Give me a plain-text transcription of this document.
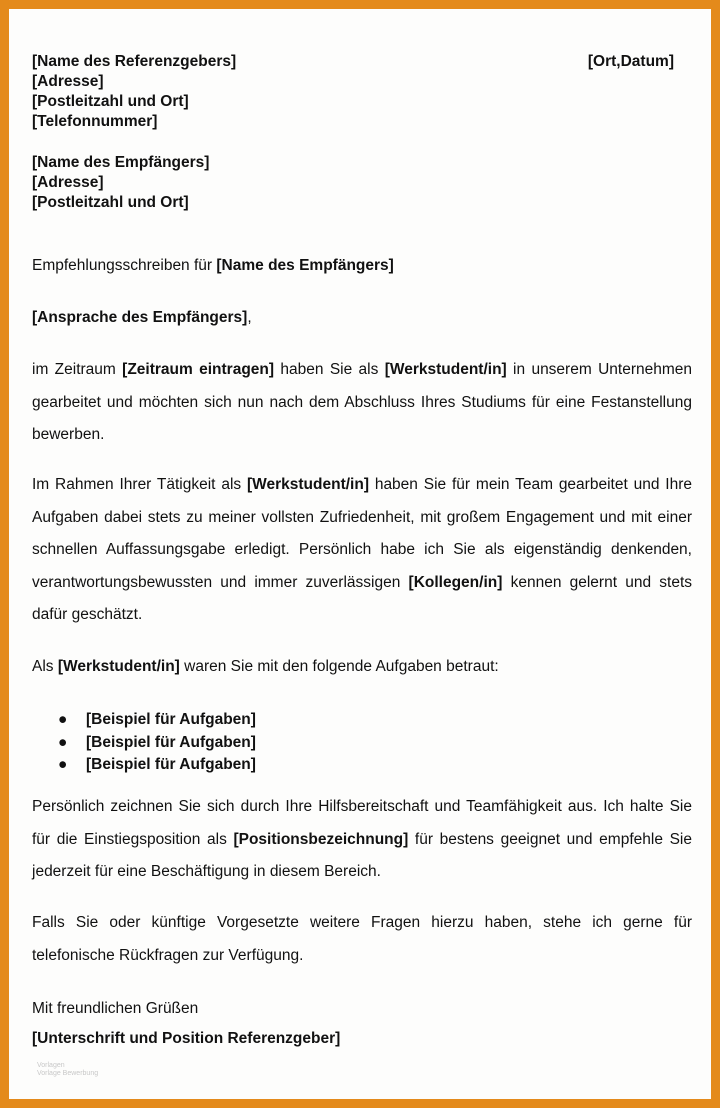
[Name des Referenzgebers]
[Adresse]
[Postleitzahl und Ort]
[Telefonnummer]
[Ort,Datum]
[Name des Empfängers]
[Adresse]
[Postleitzahl und Ort]

Empfehlungsschreiben für [Name des Empfängers]

[Ansprache des Empfängers],

im Zeitraum [Zeitraum eintragen] haben Sie als [Werkstudent/in] in unserem Unternehmen gearbeitet und möchten sich nun nach dem Abschluss Ihres Studiums für eine Festanstellung bewerben.

Im Rahmen Ihrer Tätigkeit als [Werkstudent/in] haben Sie für mein Team gearbeitet und Ihre Aufgaben dabei stets zu meiner vollsten Zufriedenheit, mit großem Engagement und mit einer schnellen Auffassungsgabe erledigt. Persönlich habe ich Sie als eigenständig denkenden, verantwortungsbewussten und immer zuverlässigen [Kollegen/in] kennen gelernt und stets dafür geschätzt.

Als [Werkstudent/in] waren Sie mit den folgende Aufgaben betraut:

● [Beispiel für Aufgaben]
● [Beispiel für Aufgaben]
● [Beispiel für Aufgaben]

Persönlich zeichnen Sie sich durch Ihre Hilfsbereitschaft und Teamfähigkeit aus. Ich halte Sie für die Einstiegsposition als [Positionsbezeichnung] für bestens geeignet und empfehle Sie jederzeit für eine Beschäftigung in diesem Bereich.

Falls Sie oder künftige Vorgesetzte weitere Fragen hierzu haben, stehe ich gerne für telefonische Rückfragen zur Verfügung.

Mit freundlichen Grüßen

[Unterschrift und Position Referenzgeber]
Vorlagen
Vorlage Bewerbung
